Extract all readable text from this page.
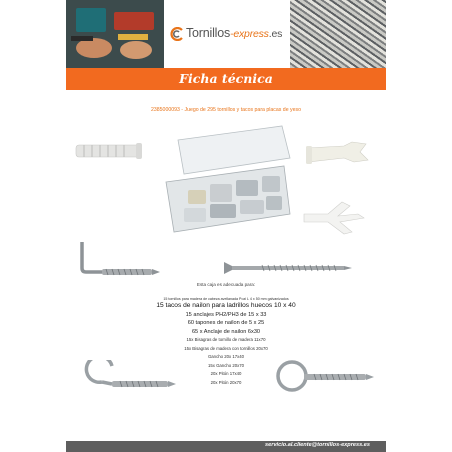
Tornillos-express.es
Ficha técnica
2385000093 - Juego de 295 tornillos y tacos para placas de yeso
Esta caja es adecuada para:
15 tornillos para madera de cabeza avellanada Pozi L 4 x 50 mm galvanizados
15 tacos de nailon para ladrillos huecos 10 x 40
15 anclajes PH2/PH3 de 15 x 33
60 tapones de nailon de 5 x 25
65 x Anclaje de nailon 6x30
15x Bisagras de tornillo de madera 11x70
15x Bisagras de madera con tornillos 20x70
Gancho 20x 17x40
15x Gancho 20x70
20x Pitón 17x40
20x Pitón 20x70
servicio.al.cliente@tornillos-express.es
